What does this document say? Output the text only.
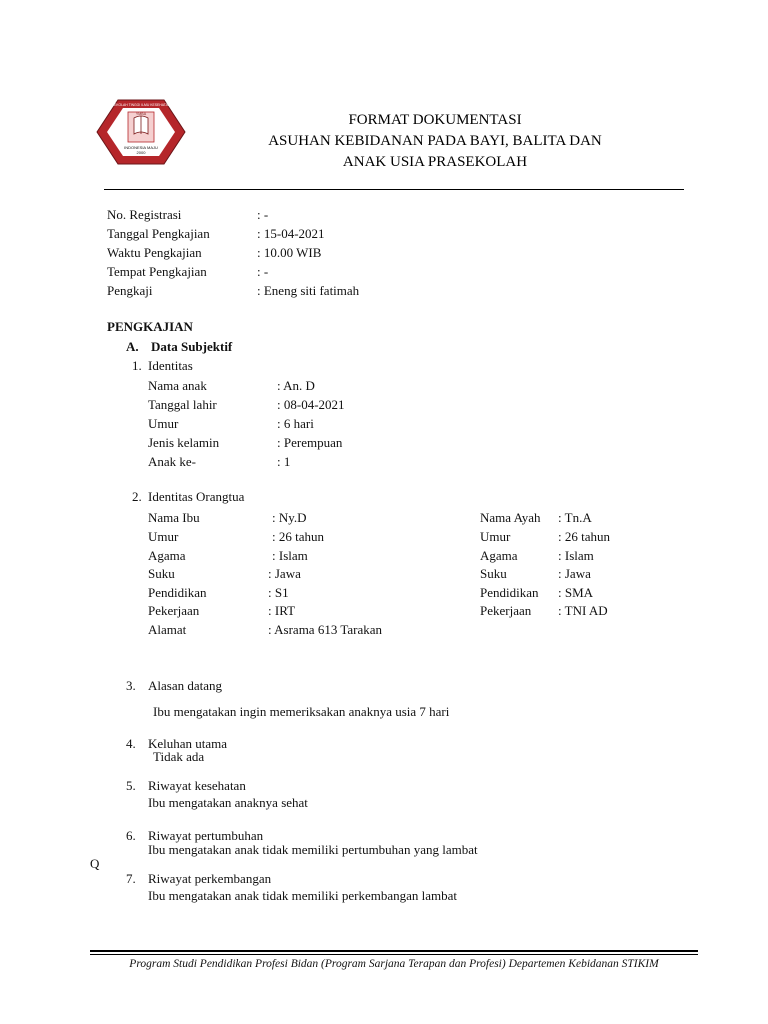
SEKOLAH TINGGI ILMU KESEHATAN
YMBA
INDONESIA MAJU
2000
FORMAT DOKUMENTASI
ASUHAN KEBIDANAN PADA BAYI, BALITA DAN
ANAK USIA PRASEKOLAH
No. Registrasi	: -
Tanggal Pengkajian	: 15-04-2021
Waktu Pengkajian	: 10.00 WIB
Tempat Pengkajian	: -
Pengkaji	: Eneng siti fatimah
PENGKAJIAN
A. Data Subjektif
1. Identitas
Nama anak	: An. D
Tanggal lahir	: 08-04-2021
Umur	: 6 hari
Jenis kelamin	: Perempuan
Anak ke-	: 1
2. Identitas Orangtua
Nama Ibu	: Ny.D
Umur	: 26 tahun
Agama	: Islam
Suku	: Jawa
Pendidikan	: S1
Pekerjaan	: IRT
Alamat	: Asrama 613 Tarakan
Nama Ayah : Tn.A
Umur	: 26 tahun
Agama	: Islam
Suku	: Jawa
Pendidikan : SMA
Pekerjaan : TNI AD
3. Alasan datang
Ibu mengatakan ingin memeriksakan anaknya usia 7 hari
4. Keluhan utama
Tidak ada
5. Riwayat kesehatan
Ibu mengatakan anaknya sehat
6. Riwayat pertumbuhan
Ibu mengatakan anak tidak memiliki pertumbuhan yang lambat
Q
7. Riwayat perkembangan
Ibu mengatakan anak tidak memiliki perkembangan lambat
Program Studi Pendidikan Profesi Bidan (Program Sarjana Terapan dan Profesi) Departemen Kebidanan STIKIM
